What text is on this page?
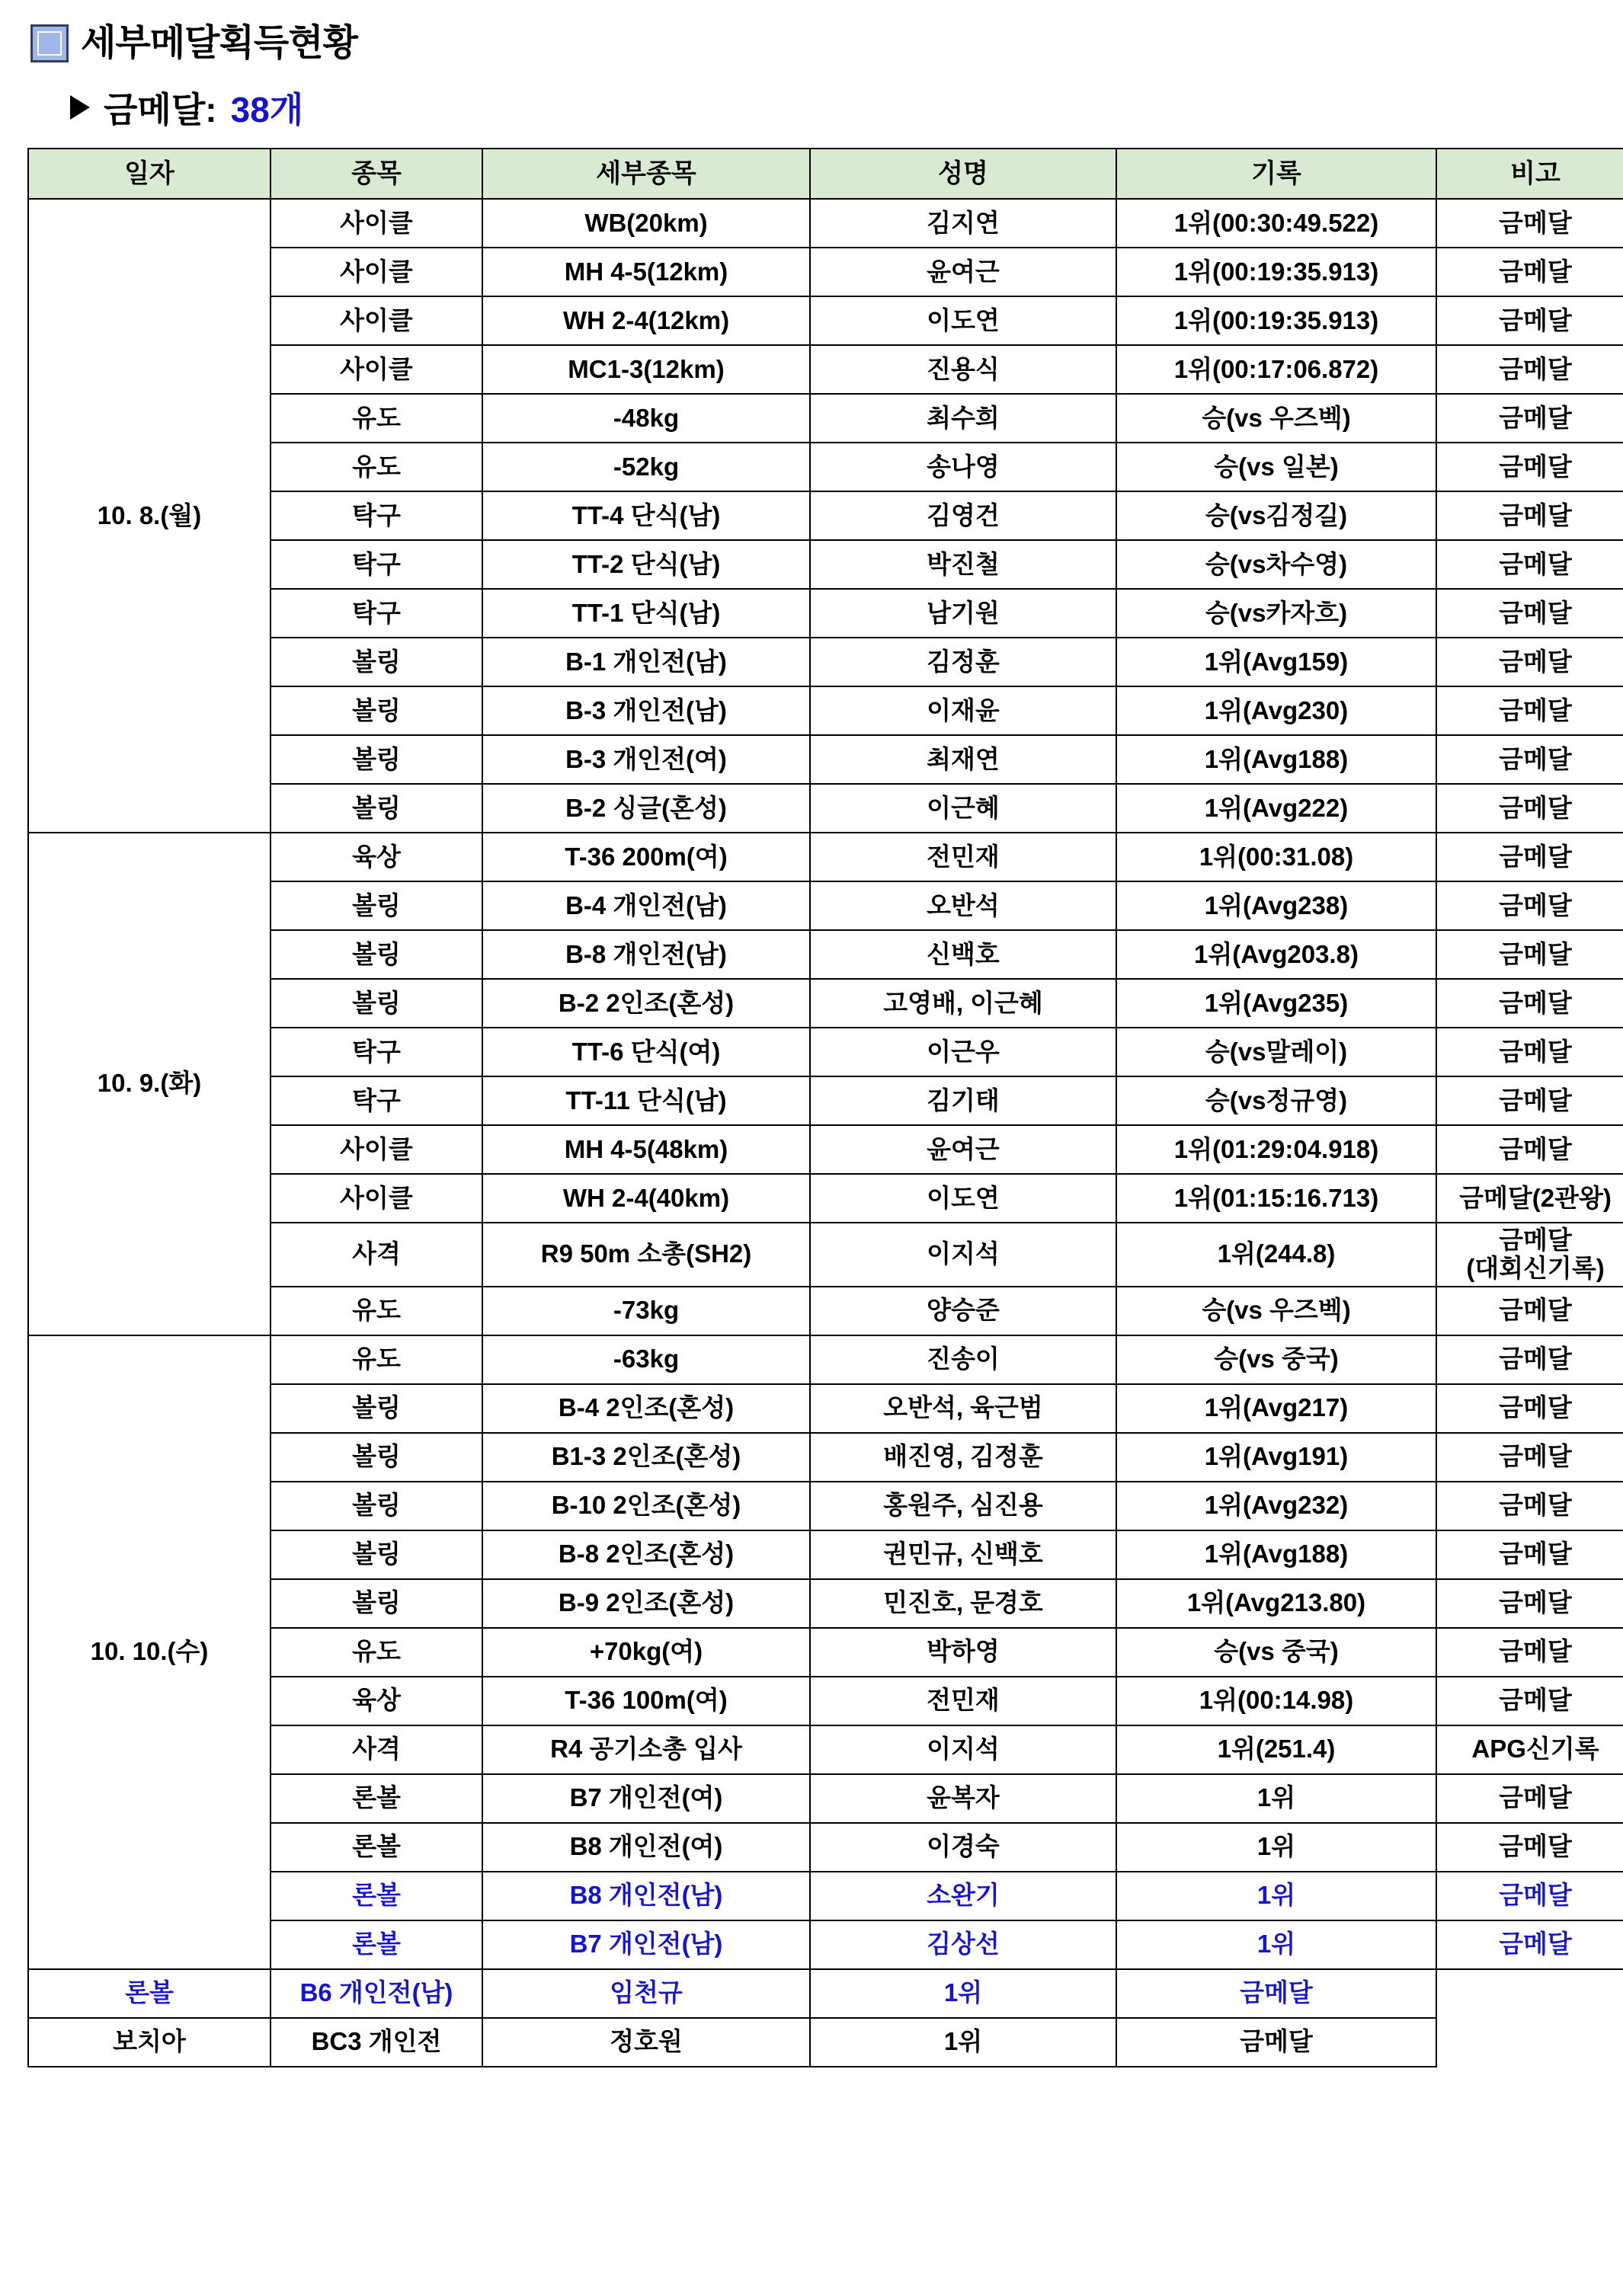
세부메달획득현황
금메달: 38개
일자	종목	세부종목	성명	기록	비고
10. 8.(월)	사이클	WB(20km)	김지연	1위(00:30:49.522)	금메달
	사이클	MH 4-5(12km)	윤여근	1위(00:19:35.913)	금메달
	사이클	WH 2-4(12km)	이도연	1위(00:19:35.913)	금메달
	사이클	MC1-3(12km)	진용식	1위(00:17:06.872)	금메달
	유도	-48kg	최수희	승(vs 우즈벡)	금메달
	유도	-52kg	송나영	승(vs 일본)	금메달
	탁구	TT-4 단식(남)	김영건	승(vs김정길)	금메달
	탁구	TT-2 단식(남)	박진철	승(vs차수영)	금메달
	탁구	TT-1 단식(남)	남기원	승(vs카자흐)	금메달
	볼링	B-1 개인전(남)	김정훈	1위(Avg159)	금메달
	볼링	B-3 개인전(남)	이재윤	1위(Avg230)	금메달
	볼링	B-3 개인전(여)	최재연	1위(Avg188)	금메달
	볼링	B-2 싱글(혼성)	이근혜	1위(Avg222)	금메달
10. 9.(화)	육상	T-36 200m(여)	전민재	1위(00:31.08)	금메달
	볼링	B-4 개인전(남)	오반석	1위(Avg238)	금메달
	볼링	B-8 개인전(남)	신백호	1위(Avg203.8)	금메달
	볼링	B-2 2인조(혼성)	고영배, 이근혜	1위(Avg235)	금메달
	탁구	TT-6 단식(여)	이근우	승(vs말레이)	금메달
	탁구	TT-11 단식(남)	김기태	승(vs정규영)	금메달
	사이클	MH 4-5(48km)	윤여근	1위(01:29:04.918)	금메달
	사이클	WH 2-4(40km)	이도연	1위(01:15:16.713)	금메달(2관왕)
	사격	R9 50m 소총(SH2)	이지석	1위(244.8)	금메달
(대회신기록)
	유도	-73kg	양승준	승(vs 우즈벡)	금메달
10. 10.(수)	유도	-63kg	진송이	승(vs 중국)	금메달
	볼링	B-4 2인조(혼성)	오반석, 육근범	1위(Avg217)	금메달
	볼링	B1-3 2인조(혼성)	배진영, 김정훈	1위(Avg191)	금메달
	볼링	B-10 2인조(혼성)	홍원주, 심진용	1위(Avg232)	금메달
	볼링	B-8 2인조(혼성)	권민규, 신백호	1위(Avg188)	금메달
	볼링	B-9 2인조(혼성)	민진호, 문경호	1위(Avg213.80)	금메달
	유도	+70kg(여)	박하영	승(vs 중국)	금메달
	육상	T-36 100m(여)	전민재	1위(00:14.98)	금메달
	사격	R4 공기소총 입사	이지석	1위(251.4)	APG신기록
	론볼	B7 개인전(여)	윤복자	1위	금메달
	론볼	B8 개인전(여)	이경숙	1위	금메달
	론볼	B8 개인전(남)	소완기	1위	금메달
	론볼	B7 개인전(남)	김상선	1위	금메달
론볼	B6 개인전(남)	임천규	1위	금메달	
보치아	BC3 개인전	정호원	1위	금메달	
